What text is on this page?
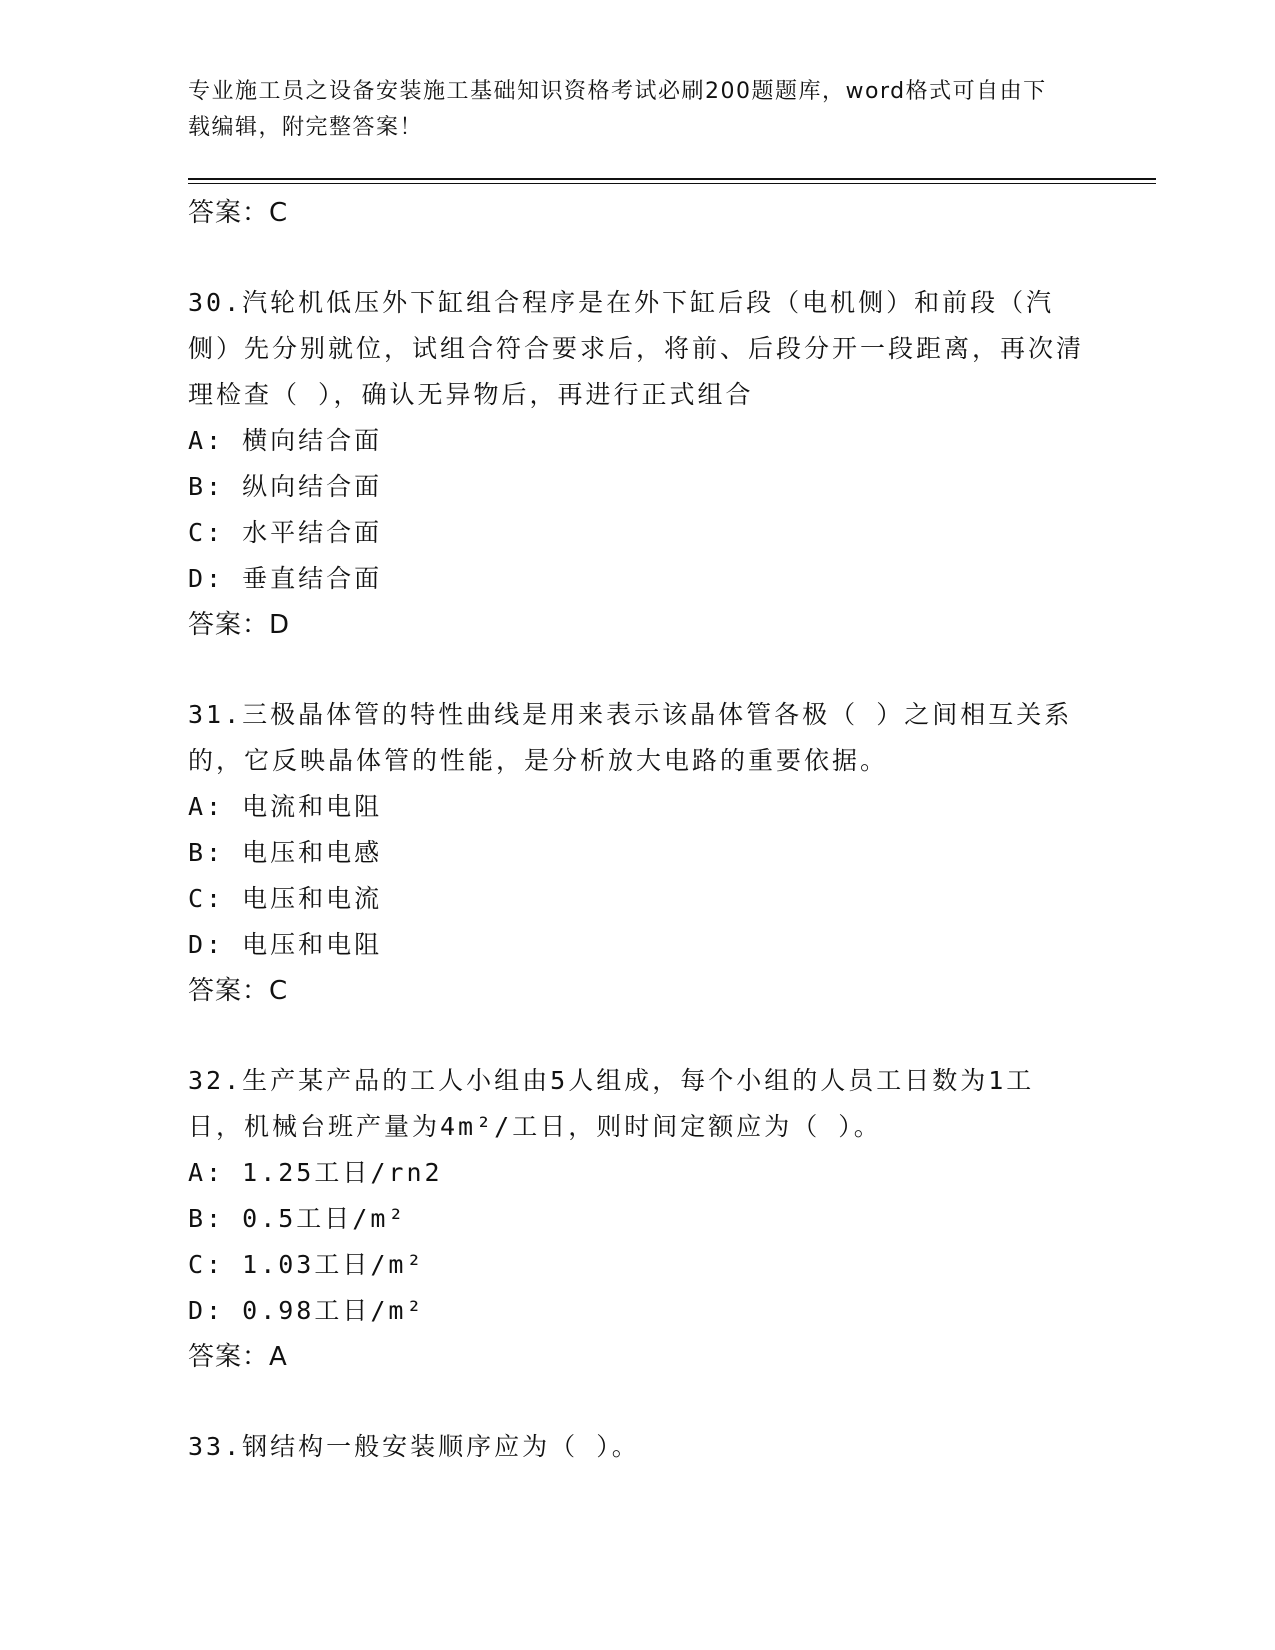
专业施工员之设备安装施工基础知识资格考试必刷200题题库，word格式可自由下载编辑，附完整答案！

答案：C

30.汽轮机低压外下缸组合程序是在外下缸后段（电机侧）和前段（汽侧）先分别就位，试组合符合要求后，将前、后段分开一段距离，再次清理检查（ ），确认无异物后，再进行正式组合

A: 横向结合面

B: 纵向结合面

C: 水平结合面

D: 垂直结合面

答案：D

31.三极晶体管的特性曲线是用来表示该晶体管各极（ ）之间相互关系的，它反映晶体管的性能，是分析放大电路的重要依据。

A: 电流和电阻

B: 电压和电感

C: 电压和电流

D: 电压和电阻

答案：C

32.生产某产品的工人小组由5人组成，每个小组的人员工日数为1工日，机械台班产量为4m²/工日，则时间定额应为（ ）。

A: 1.25工日/rn2

B: 0.5工日/m²

C: 1.03工日/m²

D: 0.98工日/m²

答案：A

33.钢结构一般安装顺序应为（ ）。
